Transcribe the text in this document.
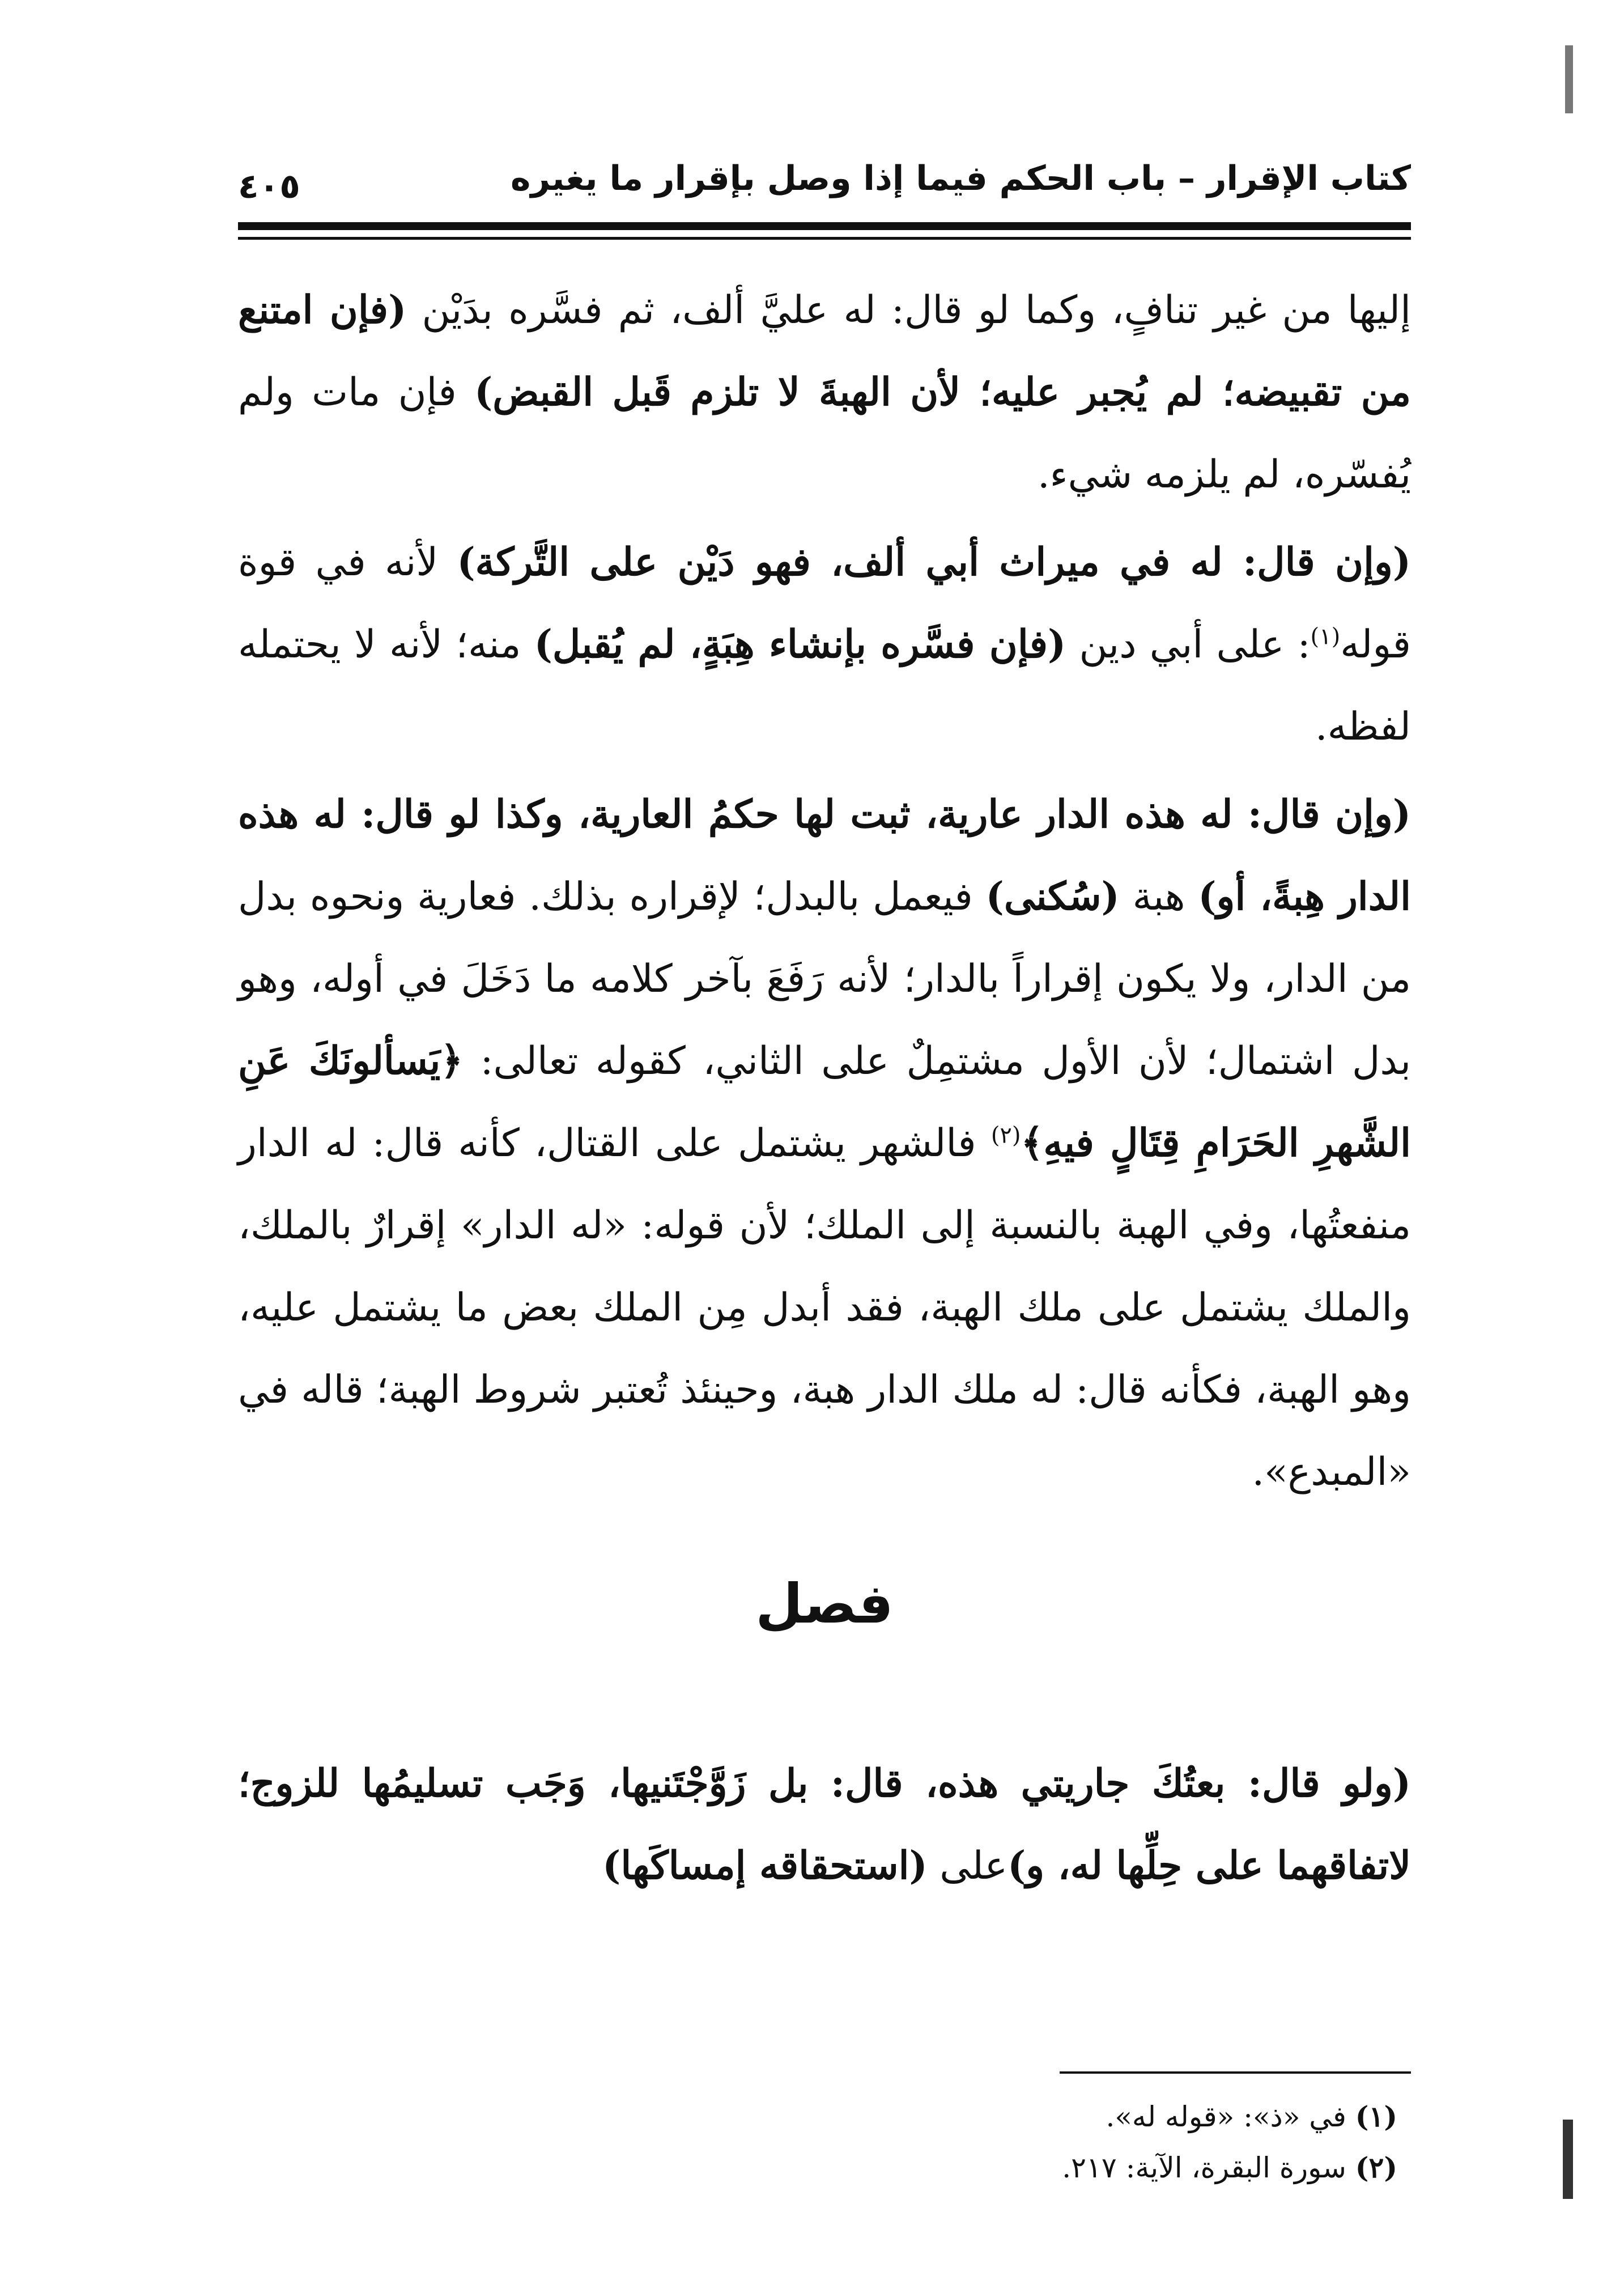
كتاب الإقرار – باب الحكم فيما إذا وصل بإقرار ما يغيره
٤٠٥

إليها من غير تنافٍ، وكما لو قال: له عليَّ ألف، ثم فسَّره بدَيْن (فإن امتنع من تقبيضه؛ لم يُجبر عليه؛ لأن الهبةَ لا تلزم قَبل القبض) فإن مات ولم يُفسّره، لم يلزمه شيء.

(وإن قال: له في ميراث أبي ألف، فهو دَيْن على التَّركة) لأنه في قوة قوله$^{(١)}$: على أبي دين (فإن فسَّره بإنشاء هِبَةٍ، لم يُقبل) منه؛ لأنه لا يحتمله لفظه.

(وإن قال: له هذه الدار عارية، ثبت لها حكمُ العارية، وكذا لو قال: له هذه الدار هِبةً، أو) هبة (سُكنى) فيعمل بالبدل؛ لإقراره بذلك. فعارية ونحوه بدل من الدار، ولا يكون إقراراً بالدار؛ لأنه رَفَعَ بآخر كلامه ما دَخَلَ في أوله، وهو بدل اشتمال؛ لأن الأول مشتمِلٌ على الثاني، كقوله تعالى: ﴿يَسألونَكَ عَنِ الشَّهرِ الحَرَامِ قِتَالٍ فيهِ﴾$^{(٢)}$ فالشهر يشتمل على القتال، كأنه قال: له الدار منفعتُها، وفي الهبة بالنسبة إلى الملك؛ لأن قوله: «له الدار» إقرارٌ بالملك، والملك يشتمل على ملك الهبة، فقد أبدل مِن الملك بعض ما يشتمل عليه، وهو الهبة، فكأنه قال: له ملك الدار هبة، وحينئذ تُعتبر شروط الهبة؛ قاله في «المبدع».

فصل

(ولو قال: بعتُكَ جاريتي هذه، قال: بل زَوَّجْتَنيها، وَجَب تسليمُها للزوج؛ لاتفاقهما على حِلِّها له، و)على (استحقاقه إمساكَها)

(١) في «ذ»: «قوله له».

(٢) سورة البقرة، الآية: ٢١٧.
